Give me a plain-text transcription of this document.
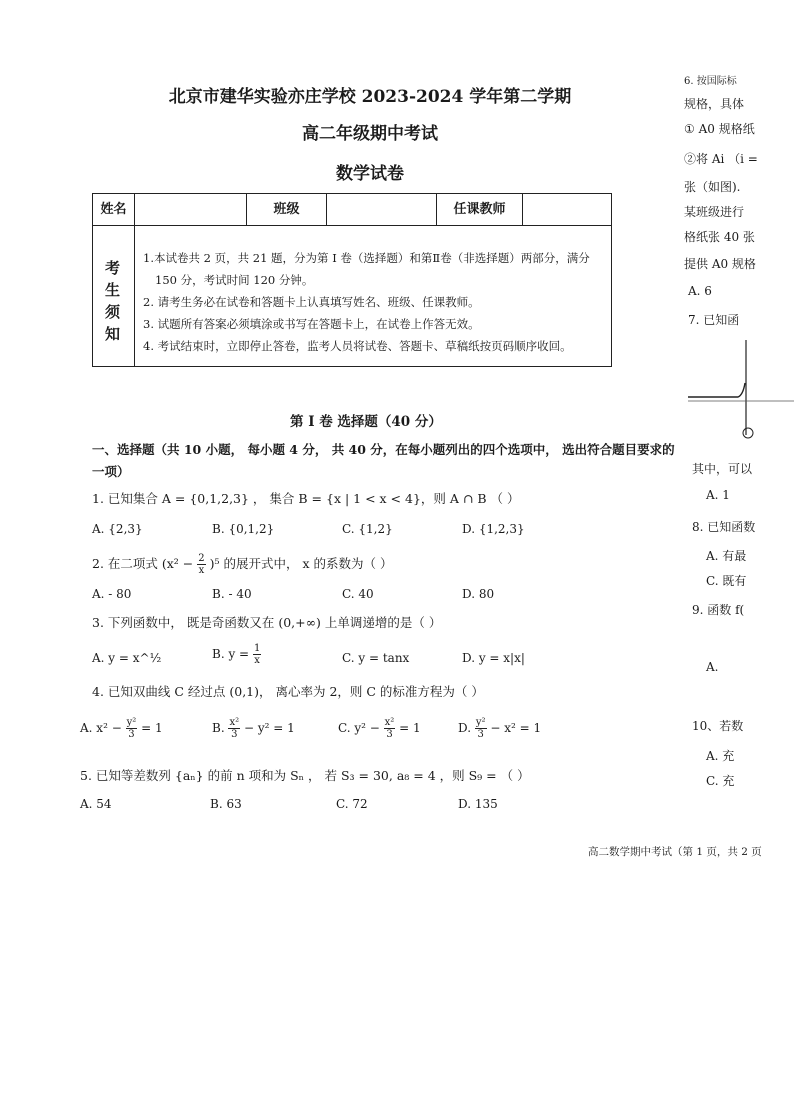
北京市建华实验亦庄学校 2023-2024 学年第二学期
高二年级期中考试
数学试卷
姓名	班级	任课教师
考
生
须
知
1.本试卷共 2 页，共 21 题，分为第 I 卷（选择题）和第Ⅱ卷（非选择题）两部分，满分
150 分，考试时间 120 分钟。
2. 请考生务必在试卷和答题卡上认真填写姓名、班级、任课教师。
3. 试题所有答案必须填涂或书写在答题卡上，在试卷上作答无效。
4. 考试结束时，立即停止答卷，监考人员将试卷、答题卡、草稿纸按页码顺序收回。
第 I 卷 选择题（40 分）
一、选择题（共 10 小题， 每小题 4 分， 共 40 分，在每小题列出的四个选项中， 选出符合题目要求的
一项）
1. 已知集合 A = {0,1,2,3} ， 集合 B = {x | 1 < x < 4}，则 A ∩ B （ ）
A. {2,3}	B. {0,1,2}	C. {1,2}	D. {1,2,3}
2. 在二项式 $(x^2 - \frac{2}{x} )^5$ 的展开式中， x 的系数为（ ）
A. - 80	B. - 40	C. 40	D. 80
3. 下列函数中， 既是奇函数又在 (0,+∞) 上单调递增的是（ ）
A. y = x^½	B. $y = \frac{1}{x}$	C. y = tanx	D. y = x|x|
4. 已知双曲线 C 经过点 (0,1)， 离心率为 2，则 C 的标准方程为（ ）
A. $x^2 - \frac{\text{y²}}{3} = 1$	B. $\frac{\text{x²}}{3} - y^2 = 1$	C. $y^2 - \frac{\text{x²}}{3} = 1$	D. $\frac{\text{y²}}{3} - x^2 = 1$
5. 已知等差数列 {aₙ} 的前 n 项和为 Sₙ ， 若 S₃ = 30, a₈ = 4 ，则 S₉ = （ ）
A. 54	B. 63	C. 72	D. 135
高二数学期中考试（第 1 页，共 2 页
6. 按国际标
规格，具体
① A0 规格纸
②将 Ai （i =
张（如图).
某班级进行
格纸张 40 张
提供 A0 规格
A. 6
7. 已知函
其中，可以
A. 1
8. 已知函数
A. 有最
C. 既有
9. 函数 f(
A.
10、若数
A. 充
C. 充
